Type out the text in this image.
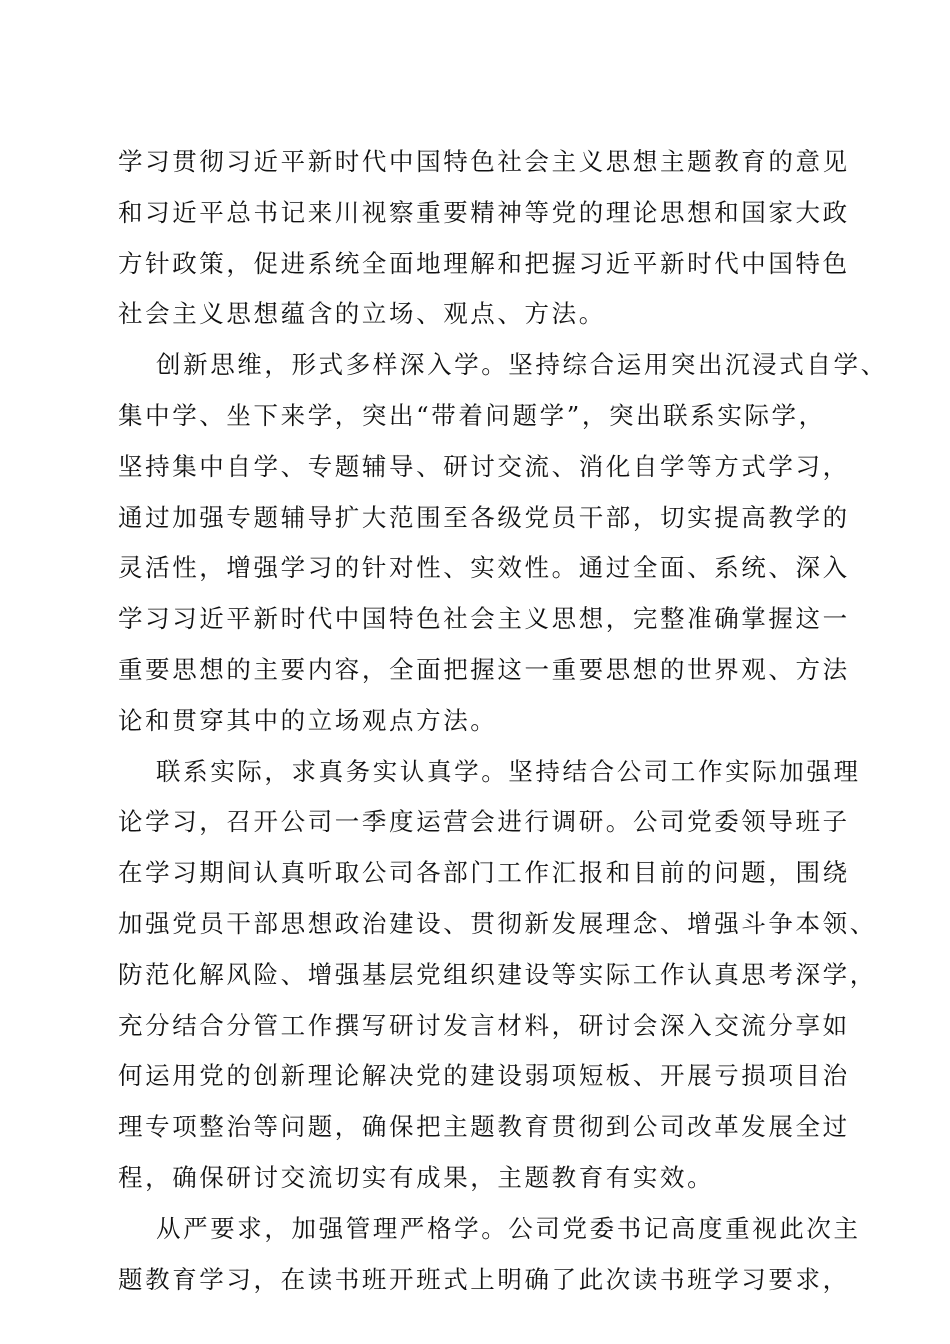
学习贯彻习近平新时代中国特色社会主义思想主题教育的意见
和习近平总书记来川视察重要精神等党的理论思想和国家大政
方针政策，促进系统全面地理解和把握习近平新时代中国特色
社会主义思想蕴含的立场、观点、方法。
创新思维，形式多样深入学。坚持综合运用突出沉浸式自学、
集中学、坐下来学，突出“带着问题学”，突出联系实际学，
坚持集中自学、专题辅导、研讨交流、消化自学等方式学习，
通过加强专题辅导扩大范围至各级党员干部，切实提高教学的
灵活性，增强学习的针对性、实效性。通过全面、系统、深入
学习习近平新时代中国特色社会主义思想，完整准确掌握这一
重要思想的主要内容，全面把握这一重要思想的世界观、方法
论和贯穿其中的立场观点方法。
联系实际，求真务实认真学。坚持结合公司工作实际加强理
论学习，召开公司一季度运营会进行调研。公司党委领导班子
在学习期间认真听取公司各部门工作汇报和目前的问题，围绕
加强党员干部思想政治建设、贯彻新发展理念、增强斗争本领、
防范化解风险、增强基层党组织建设等实际工作认真思考深学，
充分结合分管工作撰写研讨发言材料，研讨会深入交流分享如
何运用党的创新理论解决党的建设弱项短板、开展亏损项目治
理专项整治等问题，确保把主题教育贯彻到公司改革发展全过
程，确保研讨交流切实有成果，主题教育有实效。
从严要求，加强管理严格学。公司党委书记高度重视此次主
题教育学习，在读书班开班式上明确了此次读书班学习要求，
